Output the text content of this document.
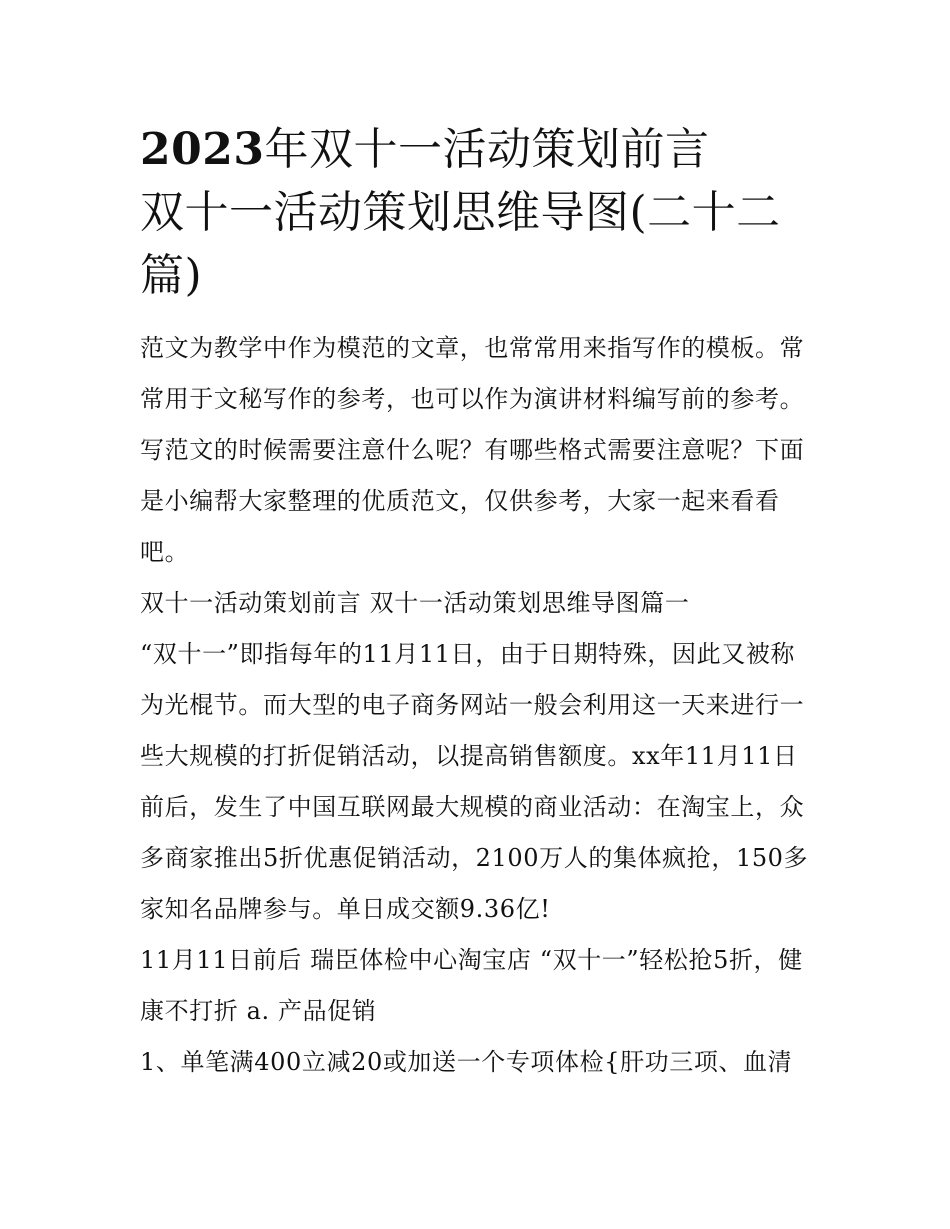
2023年双十一活动策划前言
双十一活动策划思维导图(二十二篇)

范文为教学中作为模范的文章，也常常用来指写作的模板。常常用于文秘写作的参考，也可以作为演讲材料编写前的参考。写范文的时候需要注意什么呢？有哪些格式需要注意呢？下面是小编帮大家整理的优质范文，仅供参考，大家一起来看看吧。

双十一活动策划前言 双十一活动策划思维导图篇一

“双十一”即指每年的11月11日，由于日期特殊，因此又被称为光棍节。而大型的电子商务网站一般会利用这一天来进行一些大规模的打折促销活动，以提高销售额度。xx年11月11日前后，发生了中国互联网最大规模的商业活动：在淘宝上，众多商家推出5折优惠促销活动，2100万人的集体疯抢，150多家知名品牌参与。单日成交额9.36亿!

11月11日前后 瑞臣体检中心淘宝店 “双十一”轻松抢5折，健康不打折 a. 产品促销

1、单笔满400立减20或加送一个专项体检{肝功三项、血清
